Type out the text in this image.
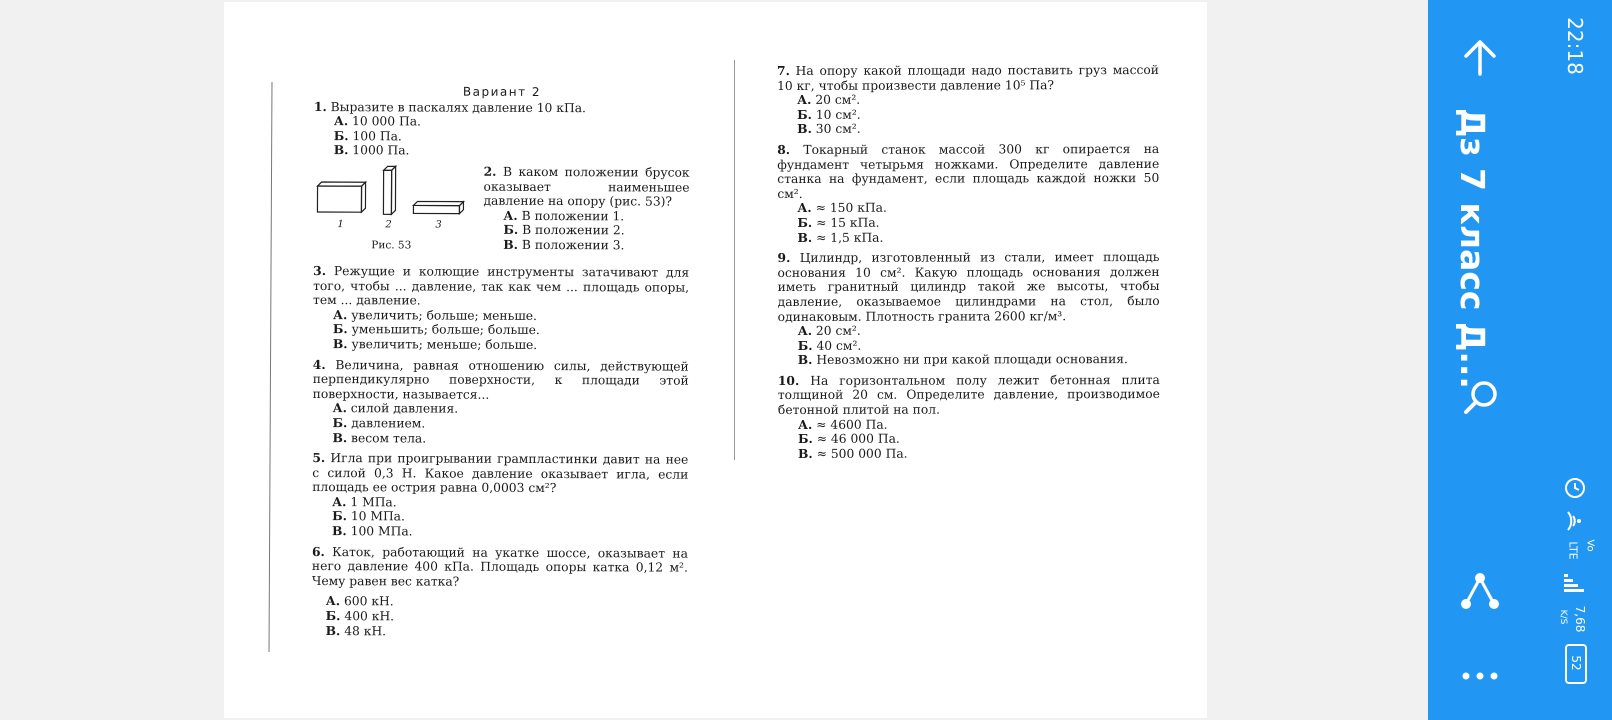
Вариант 2
1. Выразите в паскалях давление 10 кПа.
А. 10 000 Па.
Б. 100 Па.
В. 1000 Па.
1	2	3
Рис. 53
2. В каком положении брусок оказывает наименьшее давление на опору (рис. 53)?
А. В положении 1.
Б. В положении 2.
В. В положении 3.
3. Режущие и колющие инструменты затачивают для того, чтобы ... давление, так как чем ... площадь опоры, тем ... давление.
А. увеличить; больше; меньше.
Б. уменьшить; больше; больше.
В. увеличить; меньше; больше.
4. Величина, равная отношению силы, действующей перпендикулярно поверхности, к площади этой поверхности, называется...
А. силой давления.
Б. давлением.
В. весом тела.
5. Игла при проигрывании грампластинки давит на нее с силой 0,3 Н. Какое давление оказывает игла, если площадь ее острия равна 0,0003 см²?
А. 1 МПа.
Б. 10 МПа.
В. 100 МПа.
6. Каток, работающий на укатке шоссе, оказывает на него давление 400 кПа. Площадь опоры катка 0,12 м². Чему равен вес катка?
А. 600 кН.
Б. 400 кН.
В. 48 кН.
7. На опору какой площади надо поставить груз массой 10 кг, чтобы произвести давление 10⁵ Па?
А. 20 см².
Б. 10 см².
В. 30 см².
8. Токарный станок массой 300 кг опирается на фундамент четырьмя ножками. Определите давление станка на фундамент, если площадь каждой ножки 50 см².
А. ≈ 150 кПа.
Б. ≈ 15 кПа.
В. ≈ 1,5 кПа.
9. Цилиндр, изготовленный из стали, имеет площадь основания 10 см². Какую площадь основания должен иметь гранитный цилиндр такой же высоты, чтобы давление, оказываемое цилиндрами на стол, было одинаковым. Плотность гранита 2600 кг/м³.
А. 20 см².
Б. 40 см².
В. Невозможно ни при какой площади основания.
10. На горизонтальном полу лежит бетонная плита толщиной 20 см. Определите давление, производимое бетонной плитой на пол.
А. ≈ 4600 Па.
Б. ≈ 46 000 Па.
В. ≈ 500 000 Па.
22:18
Vo
LTE
7,68
K/S
52
Дз 7 класс Д...
